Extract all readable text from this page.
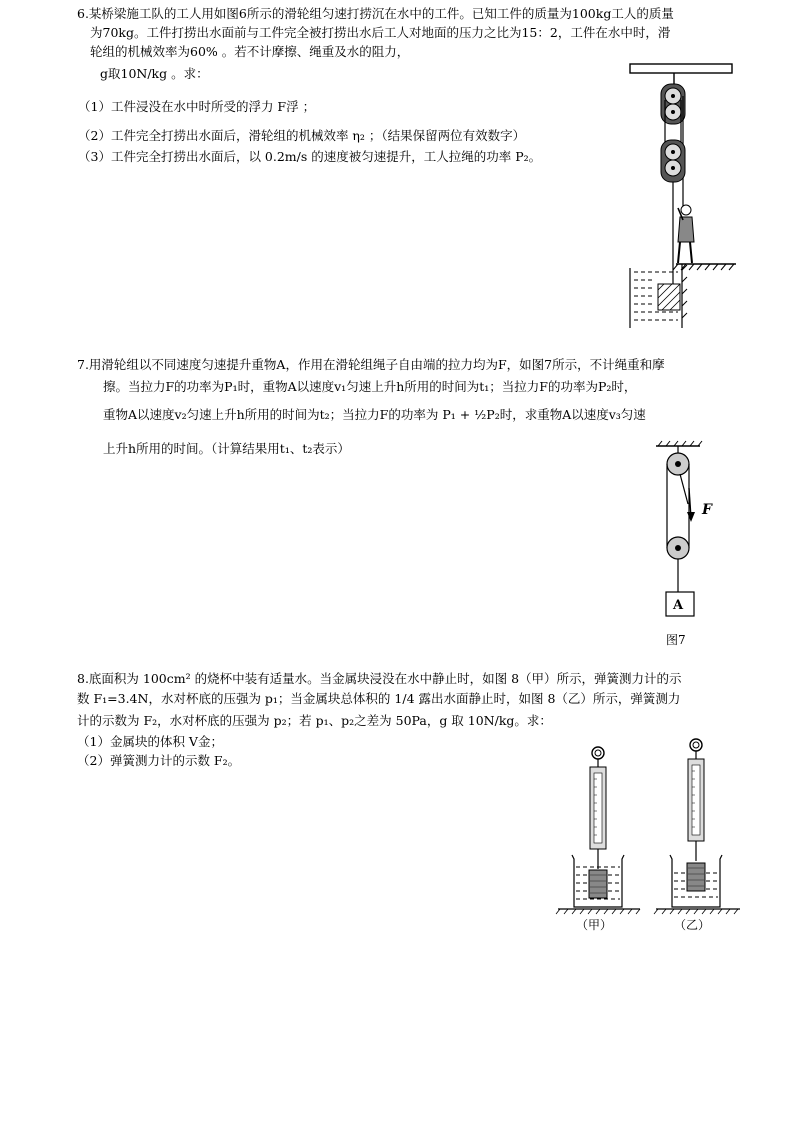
6.某桥梁施工队的工人用如图6所示的滑轮组匀速打捞沉在水中的工件。已知工件的质量为100kg工人的质量
为70kg。工件打捞出水面前与工件完全被打捞出水后工人对地面的压力之比为15：2，工件在水中时，滑
轮组的机械效率为60% 。若不计摩擦、绳重及水的阻力，
g取10N/kg 。求：
（1）工件浸没在水中时所受的浮力 F浮 ；
（2）工件完全打捞出水面后，滑轮组的机械效率 η₂ ；（结果保留两位有效数字）
（3）工件完全打捞出水面后，以 0.2m/s 的速度被匀速提升，工人拉绳的功率 P₂。
7.用滑轮组以不同速度匀速提升重物A，作用在滑轮组绳子自由端的拉力均为F，如图7所示，不计绳重和摩
擦。当拉力F的功率为P₁时，重物A以速度v₁匀速上升h所用的时间为t₁；当拉力F的功率为P₂时，
重物A以速度v₂匀速上升h所用的时间为t₂；当拉力F的功率为 P₁ + ½P₂时，求重物A以速度v₃匀速
上升h所用的时间。（计算结果用t₁、t₂表示）
F
A
图7
8.底面积为 100cm² 的烧杯中装有适量水。当金属块浸没在水中静止时，如图 8（甲）所示，弹簧测力计的示
数 F₁=3.4N，水对杯底的压强为 p₁；当金属块总体积的 1/4 露出水面静止时，如图 8（乙）所示，弹簧测力
计的示数为 F₂，水对杯底的压强为 p₂；若 p₁、p₂之差为 50Pa，g 取 10N/kg。求：
（1）金属块的体积 V金；
（2）弹簧测力计的示数 F₂。
（甲）	（乙）
